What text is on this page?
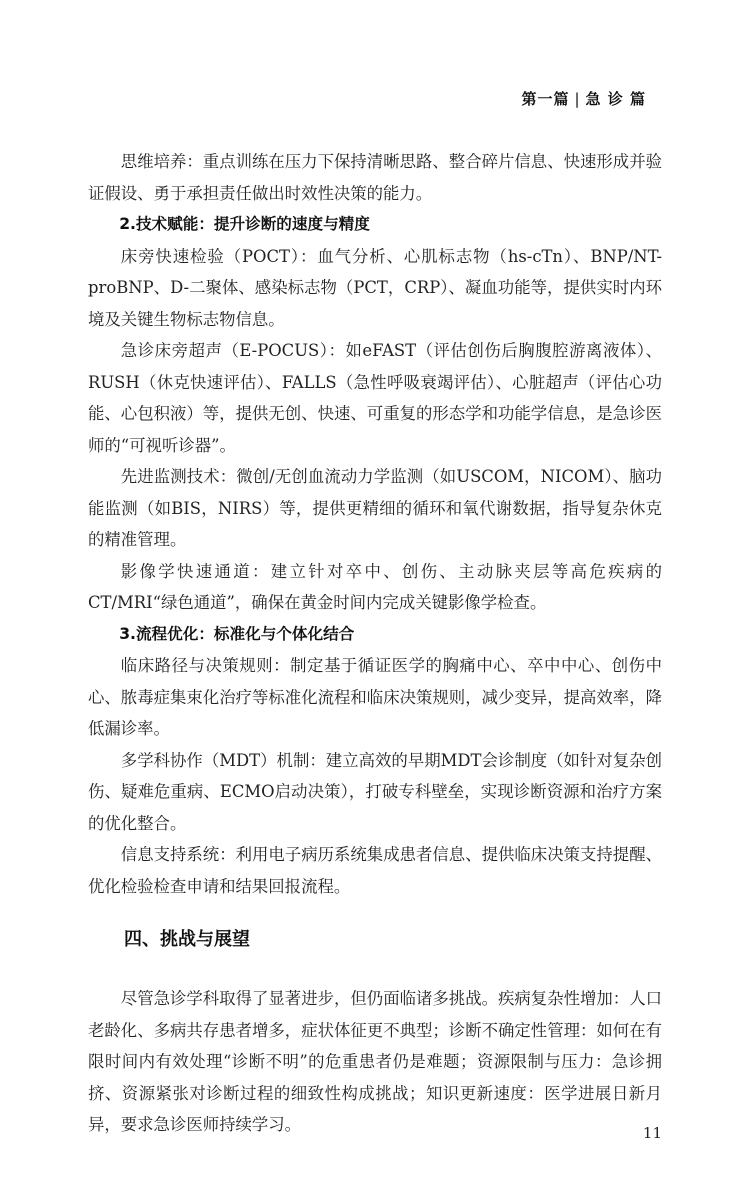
第一篇 | 急 诊 篇

思维培养：重点训练在压力下保持清晰思路、整合碎片信息、快速形成并验证假设、勇于承担责任做出时效性决策的能力。

2.技术赋能：提升诊断的速度与精度

床旁快速检验（POCT）：血气分析、心肌标志物（hs-cTn）、BNP/NT-proBNP、D-二聚体、感染标志物（PCT，CRP）、凝血功能等，提供实时内环境及关键生物标志物信息。

急诊床旁超声（E-POCUS）：如eFAST（评估创伤后胸腹腔游离液体）、RUSH（休克快速评估）、FALLS（急性呼吸衰竭评估）、心脏超声（评估心功能、心包积液）等，提供无创、快速、可重复的形态学和功能学信息，是急诊医师的“可视听诊器”。

先进监测技术：微创/无创血流动力学监测（如USCOM，NICOM）、脑功能监测（如BIS，NIRS）等，提供更精细的循环和氧代谢数据，指导复杂休克的精准管理。

影像学快速通道：建立针对卒中、创伤、主动脉夹层等高危疾病的CT/MRI“绿色通道”，确保在黄金时间内完成关键影像学检查。

3.流程优化：标准化与个体化结合

临床路径与决策规则：制定基于循证医学的胸痛中心、卒中中心、创伤中心、脓毒症集束化治疗等标准化流程和临床决策规则，减少变异，提高效率，降低漏诊率。

多学科协作（MDT）机制：建立高效的早期MDT会诊制度（如针对复杂创伤、疑难危重病、ECMO启动决策），打破专科壁垒，实现诊断资源和治疗方案的优化整合。

信息支持系统：利用电子病历系统集成患者信息、提供临床决策支持提醒、优化检验检查申请和结果回报流程。

四、挑战与展望

尽管急诊学科取得了显著进步，但仍面临诸多挑战。疾病复杂性增加：人口老龄化、多病共存患者增多，症状体征更不典型；诊断不确定性管理：如何在有限时间内有效处理“诊断不明”的危重患者仍是难题；资源限制与压力：急诊拥挤、资源紧张对诊断过程的细致性构成挑战；知识更新速度：医学进展日新月异，要求急诊医师持续学习。	11
